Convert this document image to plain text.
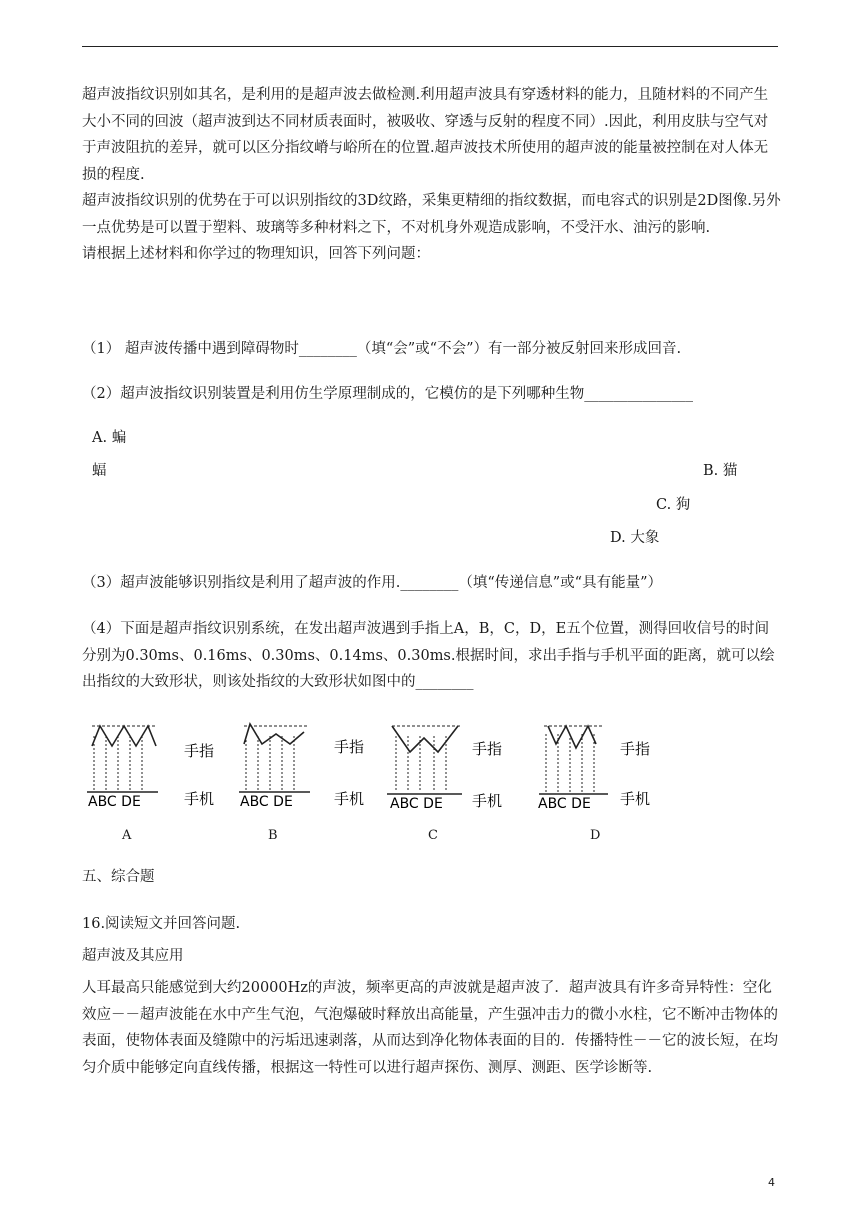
超声波指纹识别如其名，是利用的是超声波去做检测.利用超声波具有穿透材料的能力，且随材料的不同产生大小不同的回波（超声波到达不同材质表面时，被吸收、穿透与反射的程度不同）.因此，利用皮肤与空气对于声波阻抗的差异，就可以区分指纹嵴与峪所在的位置.超声波技术所使用的超声波的能量被控制在对人体无损的程度.

超声波指纹识别的优势在于可以识别指纹的3D纹路，采集更精细的指纹数据，而电容式的识别是2D图像.另外一点优势是可以置于塑料、玻璃等多种材料之下，不对机身外观造成影响，不受汗水、油污的影响.

请根据上述材料和你学过的物理知识，回答下列问题：

（1） 超声波传播中遇到障碍物时________（填“会”或“不会”）有一部分被反射回来形成回音.

（2）超声波指纹识别装置是利用仿生学原理制成的，它模仿的是下列哪种生物_______________

A. 蝙
蝠	B. 猫
C. 狗
D. 大象

（3）超声波能够识别指纹是利用了超声波的作用.________（填“传递信息”或“具有能量”）

（4）下面是超声指纹识别系统，在发出超声波遇到手指上A，B，C，D，E五个位置，测得回收信号的时间分别为0.30ms、0.16ms、0.30ms、0.14ms、0.30ms.根据时间，求出手指与手机平面的距离，就可以绘出指纹的大致形状，则该处指纹的大致形状如图中的________

ABC DE
手指
手机
A
ABC DE
手指
手机
B
ABC DE
手指
手机
C
ABC DE
手指
手机
D
五、综合题
16.阅读短文并回答问题.
超声波及其应用

人耳最高只能感觉到大约20000Hz的声波，频率更高的声波就是超声波了．超声波具有许多奇异特性：空化效应－－超声波能在水中产生气泡，气泡爆破时释放出高能量，产生强冲击力的微小水柱，它不断冲击物体的表面，使物体表面及缝隙中的污垢迅速剥落，从而达到净化物体表面的目的．传播特性－－它的波长短，在均匀介质中能够定向直线传播，根据这一特性可以进行超声探伤、测厚、测距、医学诊断等.

4
